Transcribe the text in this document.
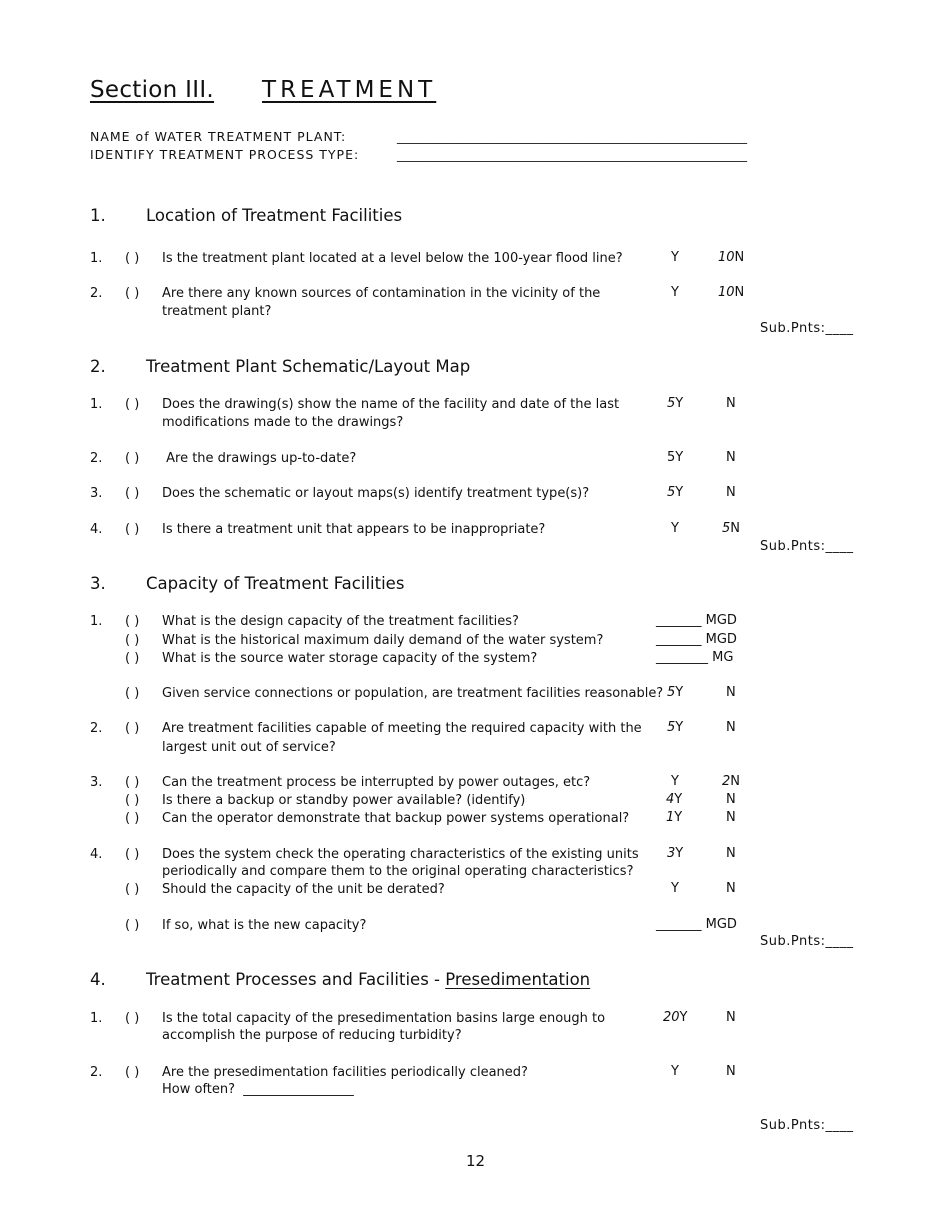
Section III. TREATMENT
NAME of WATER TREATMENT PLANT:	________________________________________________________
IDENTIFY TREATMENT PROCESS TYPE:	________________________________________________________
1. Location of Treatment Facilities
1. ( ) Is the treatment plant located at a level below the 100-year flood line?	Y	10N
2. ( ) Are there any known sources of contamination in the vicinity of the
treatment plant?
Y	10N
Sub.Pnts:____
2. Treatment Plant Schematic/Layout Map
1. ( ) Does the drawing(s) show the name of the facility and date of the last
modifications made to the drawings?
5Y	N
2. ( ) Are the drawings up-to-date?	5Y	N
3. ( ) Does the schematic or layout maps(s) identify treatment type(s)?	5Y	N
4. ( ) Is there a treatment unit that appears to be inappropriate?	Y	5N
Sub.Pnts:____
3. Capacity of Treatment Facilities
1. ( ) What is the design capacity of the treatment facilities?	_______ MGD
( ) What is the historical maximum daily demand of the water system?	_______ MGD
( ) What is the source water storage capacity of the system?	________ MG
( ) Given service connections or population, are treatment facilities reasonable? 5Y	N
2. ( ) Are treatment facilities capable of meeting the required capacity with the
largest unit out of service?
5Y	N
3. ( ) Can the treatment process be interrupted by power outages, etc?	Y	2N
( ) Is there a backup or standby power available? (identify)	4Y	N
( ) Can the operator demonstrate that backup power systems operational?	1Y	N
4. ( ) Does the system check the operating characteristics of the existing units
periodically and compare them to the original operating characteristics?
3Y	N
( ) Should the capacity of the unit be derated?	Y	N
( ) If so, what is the new capacity?	_______ MGD
Sub.Pnts:____
4. Treatment Processes and Facilities - Presedimentation
1. ( ) Is the total capacity of the presedimentation basins large enough to
accomplish the purpose of reducing turbidity?
20Y	N
2. ( ) Are the presedimentation facilities periodically cleaned?
How often?  _________________
Y	N
Sub.Pnts:____
12
